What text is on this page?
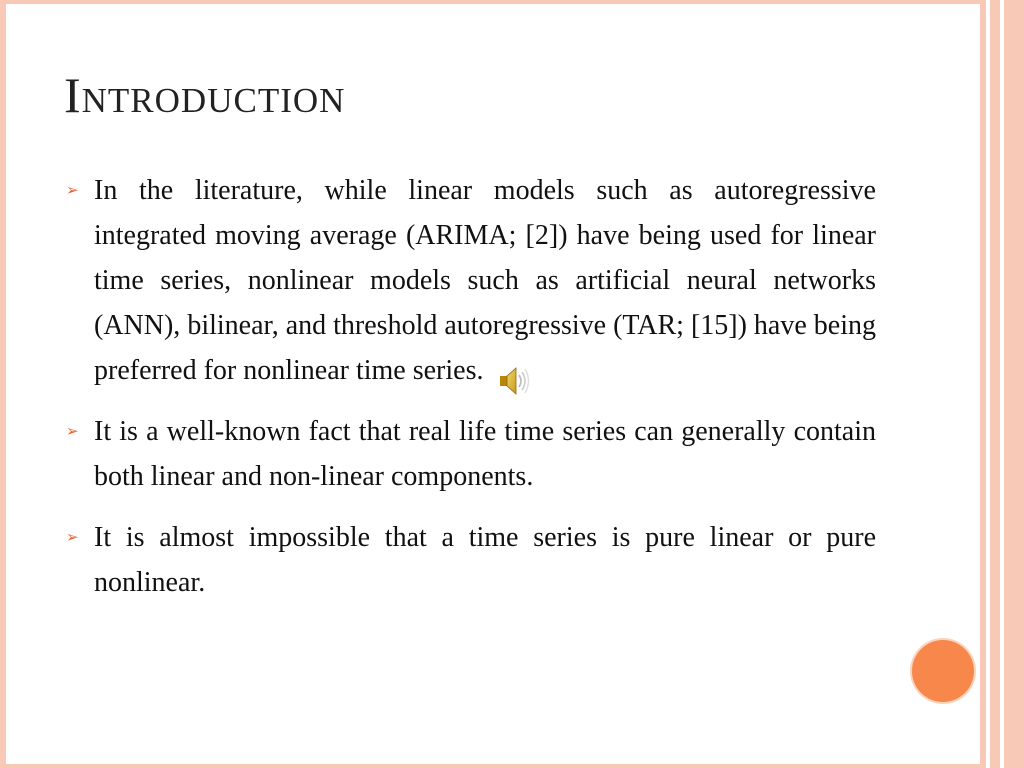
Introduction
➢ In the literature, while linear models such as autoregressive integrated moving average (ARIMA; [2]) have being used for linear time series, nonlinear models such as artificial neural networks (ANN), bilinear, and threshold autoregressive (TAR; [15]) have being preferred for nonlinear time series.
➢ It is a well-known fact that real life time series can generally contain both linear and non-linear components.
➢ It is almost impossible that a time series is pure linear or pure nonlinear.
